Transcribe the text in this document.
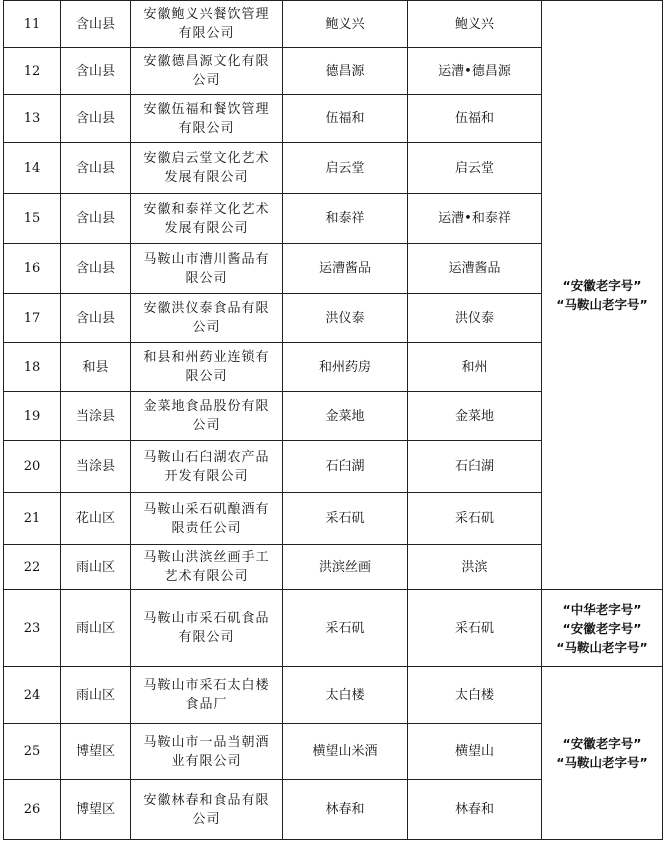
11	含山县	安徽鲍义兴餐饮管理
有限公司	鲍义兴	鲍义兴	“安徽老字号”
“马鞍山老字号”

12	含山县	安徽德昌源文化有限
公司	德昌源	运漕•德昌源	
13	含山县	安徽伍福和餐饮管理
有限公司	伍福和	伍福和	
14	含山县	安徽启云堂文化艺术
发展有限公司	启云堂	启云堂	
15	含山县	安徽和泰祥文化艺术
发展有限公司	和泰祥	运漕•和泰祥	
16	含山县	马鞍山市漕川酱品有
限公司	运漕酱品	运漕酱品	
17	含山县	安徽洪仪泰食品有限
公司	洪仪泰	洪仪泰	
18	和县	和县和州药业连锁有
限公司	和州药房	和州	
19	当涂县	金菜地食品股份有限
公司	金菜地	金菜地	
20	当涂县	马鞍山石臼湖农产品
开发有限公司	石臼湖	石臼湖	
21	花山区	马鞍山采石矶酿酒有
限责任公司	采石矶	采石矶	
22	雨山区	马鞍山洪滨丝画手工
艺术有限公司	洪滨丝画	洪滨	
23	雨山区	马鞍山市采石矶食品
有限公司	采石矶	采石矶	“中华老字号”
“安徽老字号”
“马鞍山老字号”

24	雨山区	马鞍山市采石太白楼
食品厂	太白楼	太白楼	“安徽老字号”
“马鞍山老字号”

25	博望区	马鞍山市一品当朝酒
业有限公司	横望山米酒	横望山	
26	博望区	安徽林春和食品有限
公司	林春和	林春和	
